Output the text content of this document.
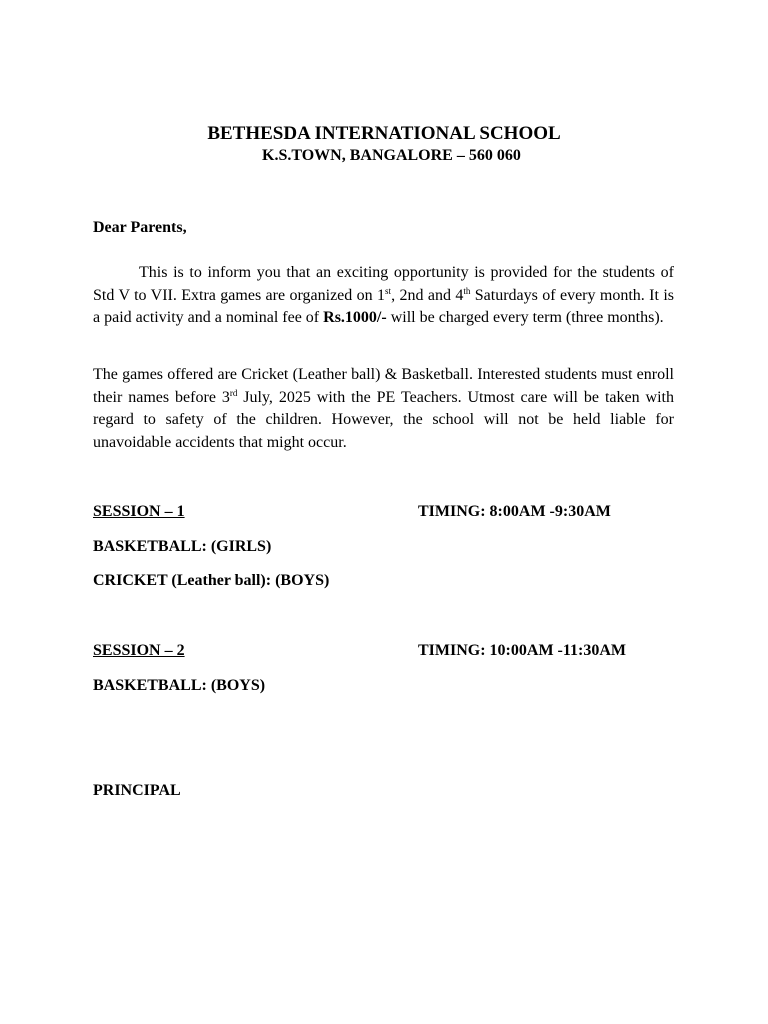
BETHESDA INTERNATIONAL SCHOOL
K.S.TOWN, BANGALORE – 560 060
Dear Parents,

This is to inform you that an exciting opportunity is provided for the students of Std V to VII. Extra games are organized on 1st, 2nd and 4th Saturdays of every month. It is a paid activity and a nominal fee of Rs.1000/- will be charged every term (three months).

The games offered are Cricket (Leather ball) & Basketball. Interested students must enroll their names before 3rd July, 2025 with the PE Teachers. Utmost care will be taken with regard to safety of the children. However, the school will not be held liable for unavoidable accidents that might occur.

SESSION – 1	TIMING: 8:00AM -9:30AM
BASKETBALL: (GIRLS)
CRICKET (Leather ball): (BOYS)
SESSION – 2	TIMING: 10:00AM -11:30AM
BASKETBALL: (BOYS)
PRINCIPAL
